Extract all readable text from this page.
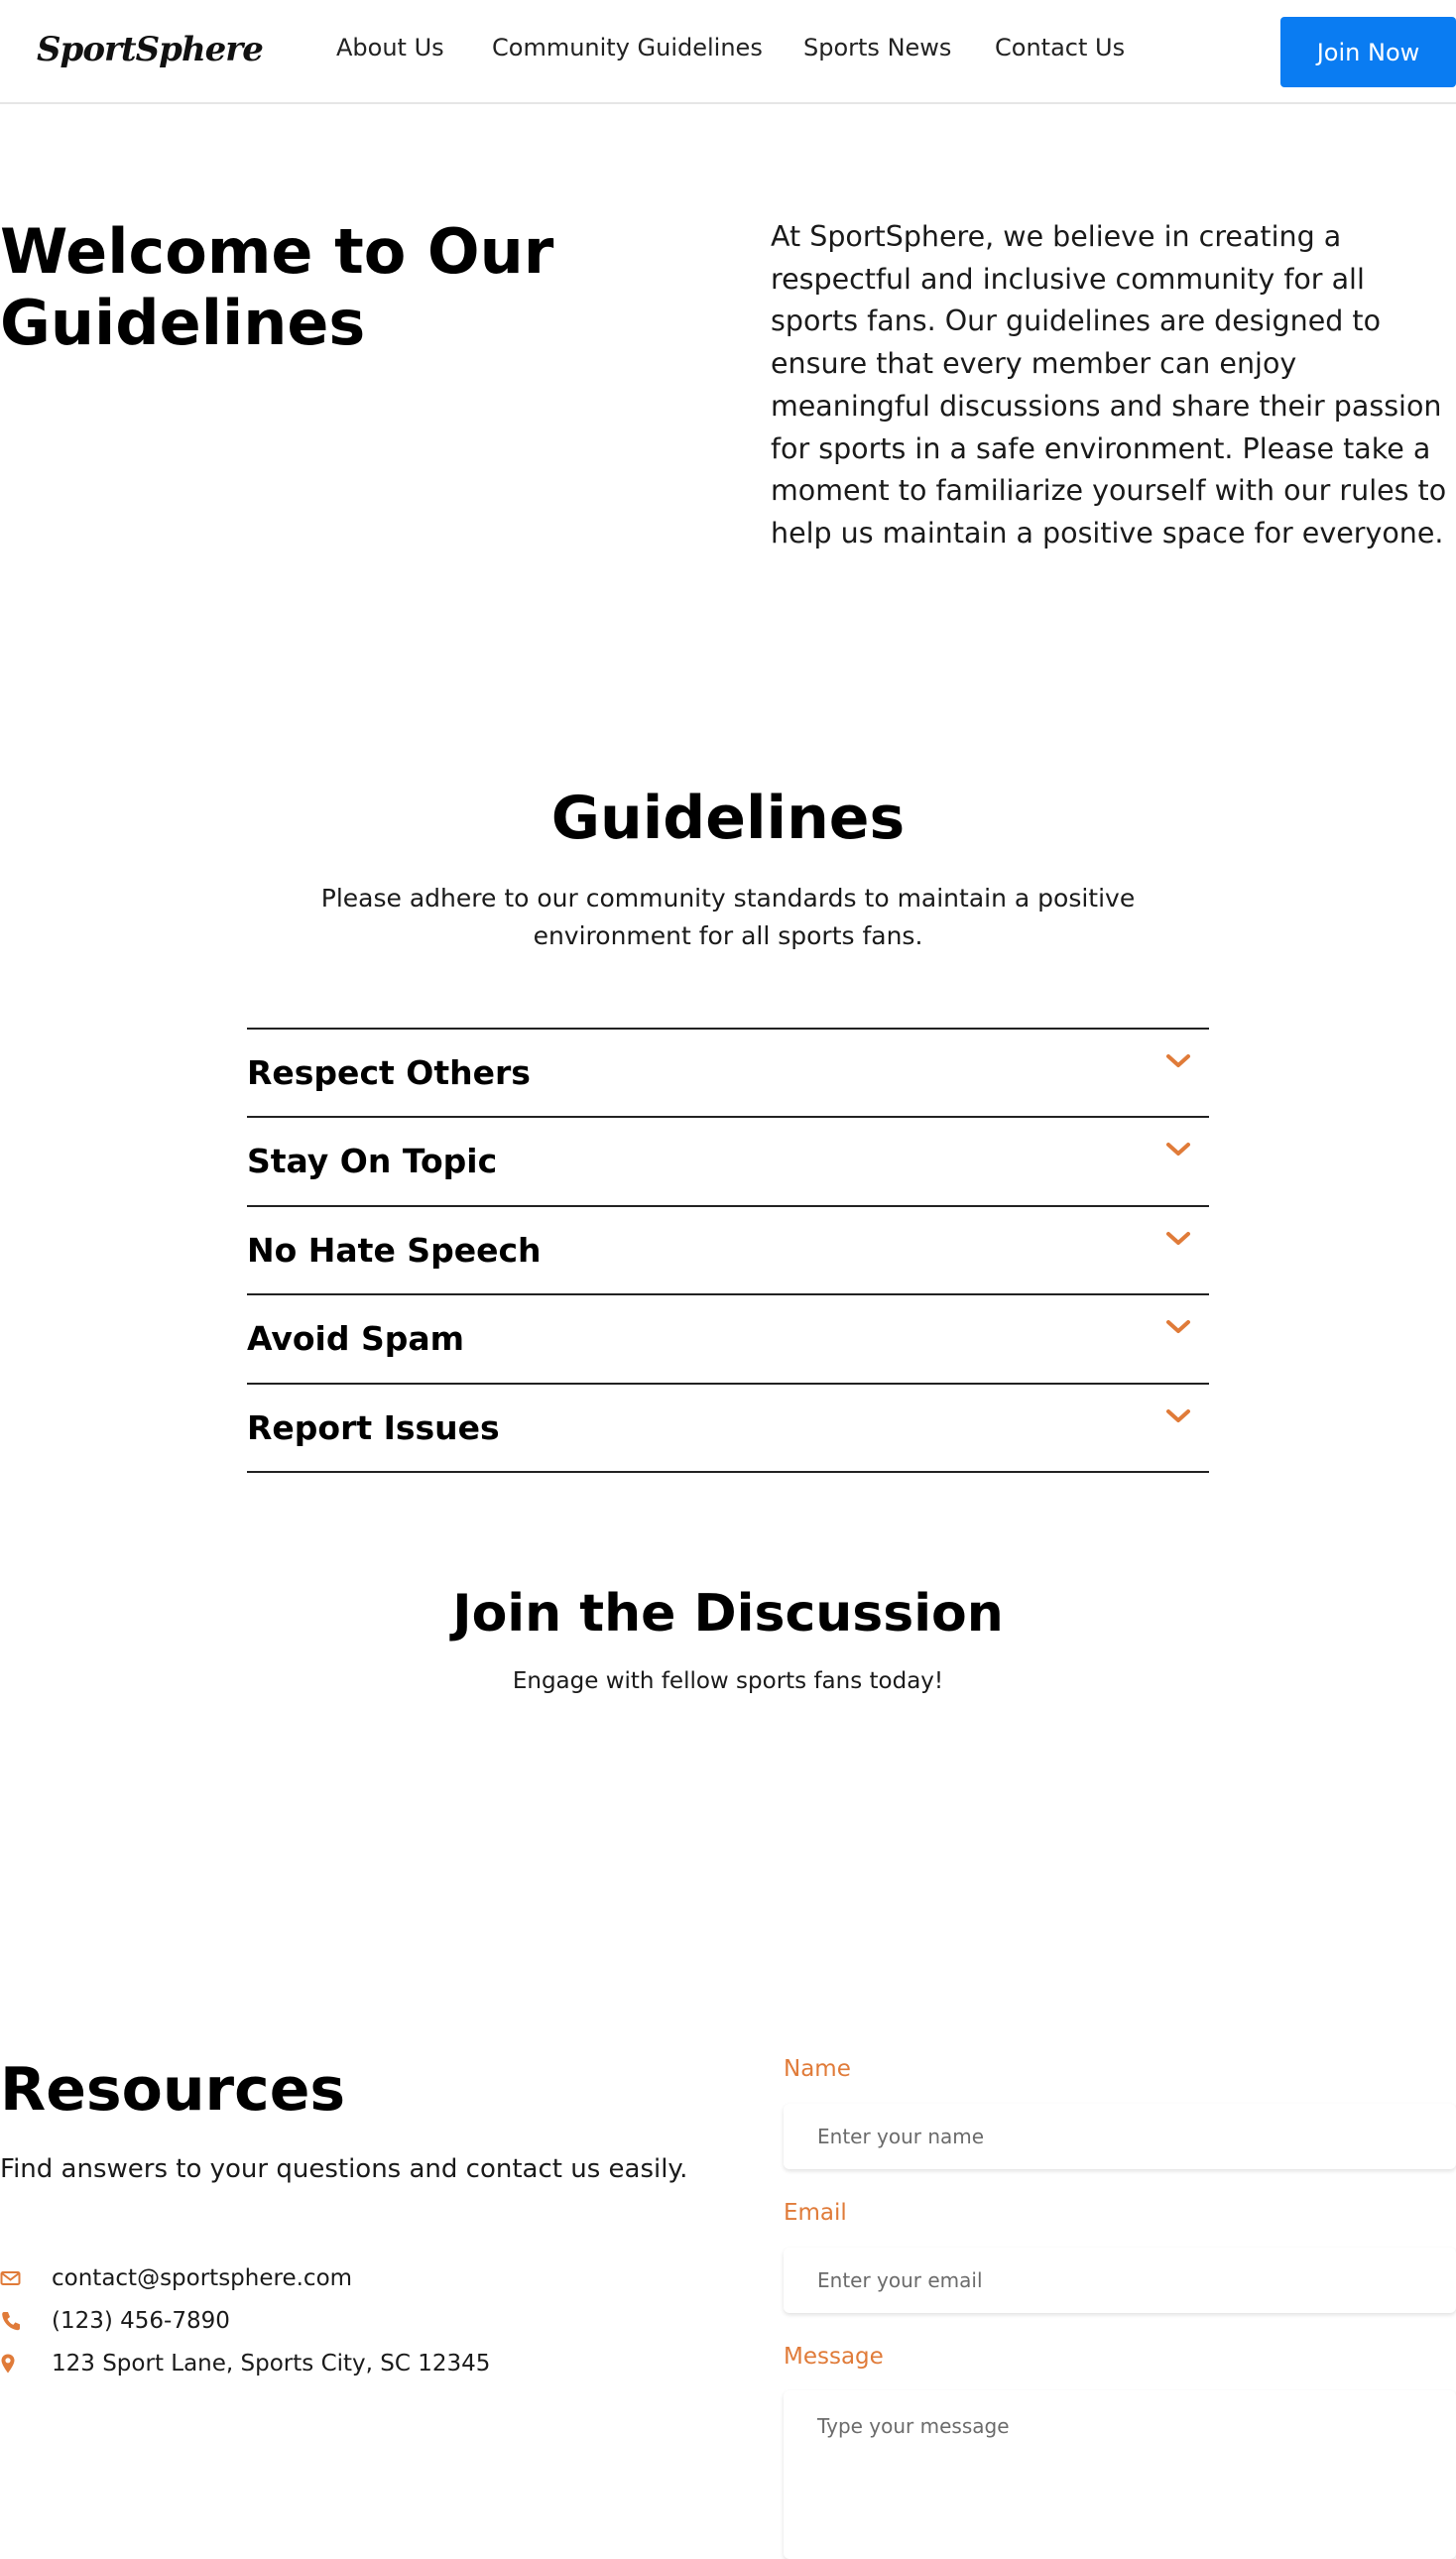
SportSphere	About Us Community Guidelines Sports News Contact Us	Join Now
Welcome to Our Guidelines

At SportSphere, we believe in creating a respectful and inclusive community for all sports fans. Our guidelines are designed to ensure that every member can enjoy meaningful discussions and share their passion for sports in a safe environment. Please take a moment to familiarize yourself with our rules to help us maintain a positive space for everyone.

Guidelines

Please adhere to our community standards to maintain a positive environment for all sports fans.

Respect Others
Stay On Topic
No Hate Speech
Avoid Spam
Report Issues
Join the Discussion

Engage with fellow sports fans today!

Resources

Find answers to your questions and contact us easily.

contact@sportsphere.com
(123) 456-7890
123 Sport Lane, Sports City, SC 12345
Name
Enter your name
Email
Enter your email
Message
Type your message
